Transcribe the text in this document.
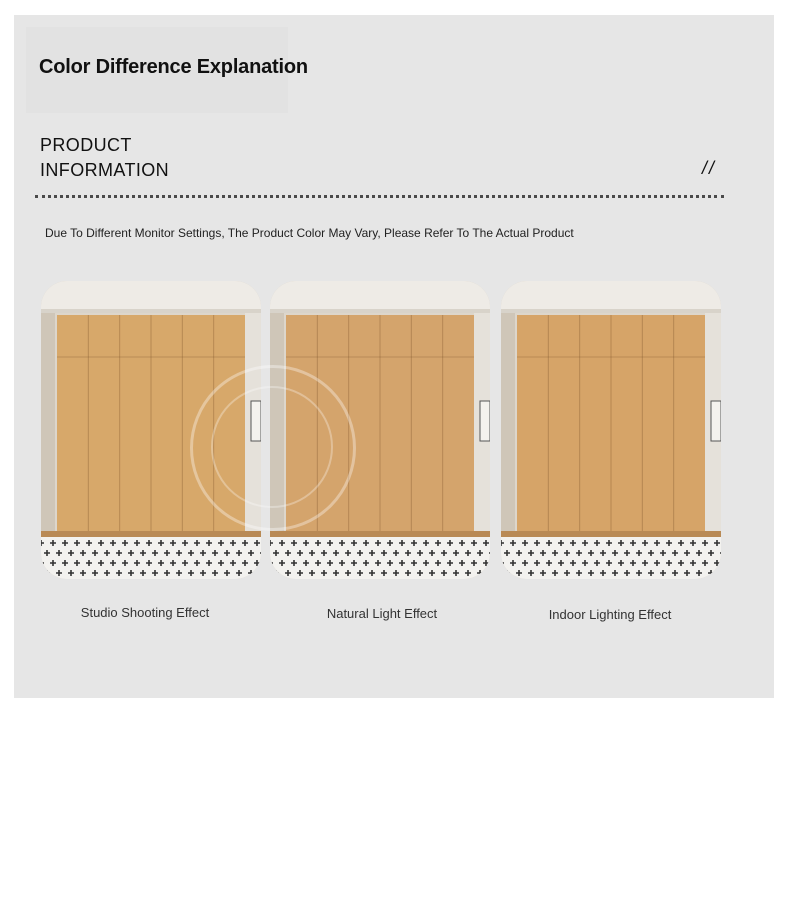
Color Difference Explanation
PRODUCT
INFORMATION	//
Due To Different Monitor Settings, The Product Color May Vary, Please Refer To The Actual Product
Studio Shooting Effect	Natural Light Effect	Indoor Lighting Effect
